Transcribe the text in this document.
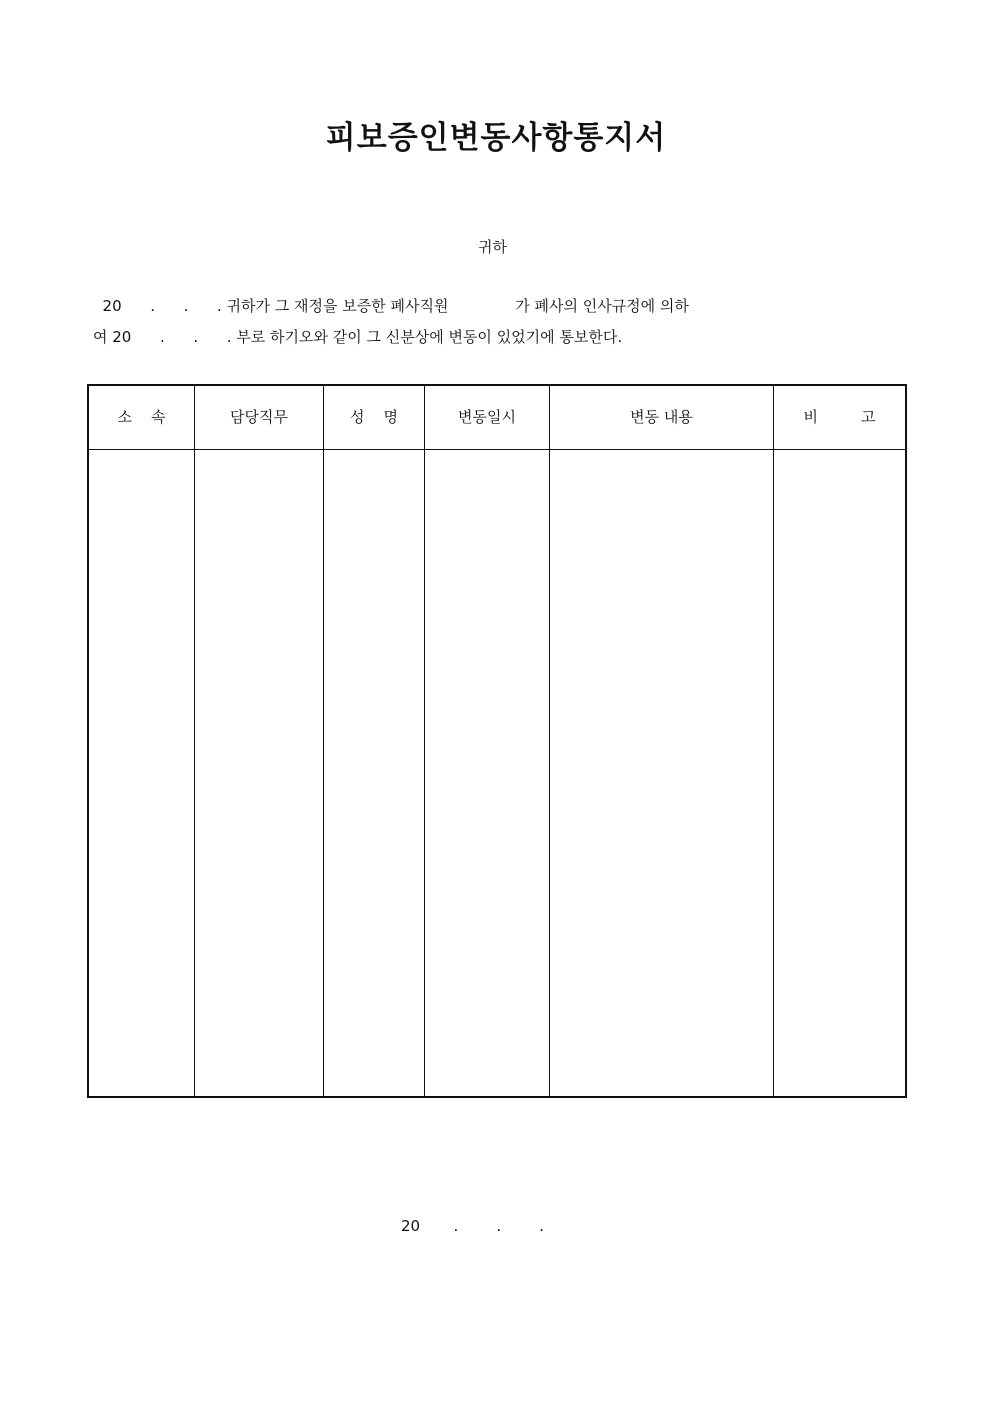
피보증인변동사항통지서
귀하
20      .      .      . 귀하가 그 재정을 보증한 폐사직원              가 폐사의 인사규정에 의하
여 20      .      .      . 부로 하기오와 같이 그 신분상에 변동이 있었기에 통보한다.
소    속	담당직무	성    명	변동일시	변동 내용	비         고
20       .        .        .
